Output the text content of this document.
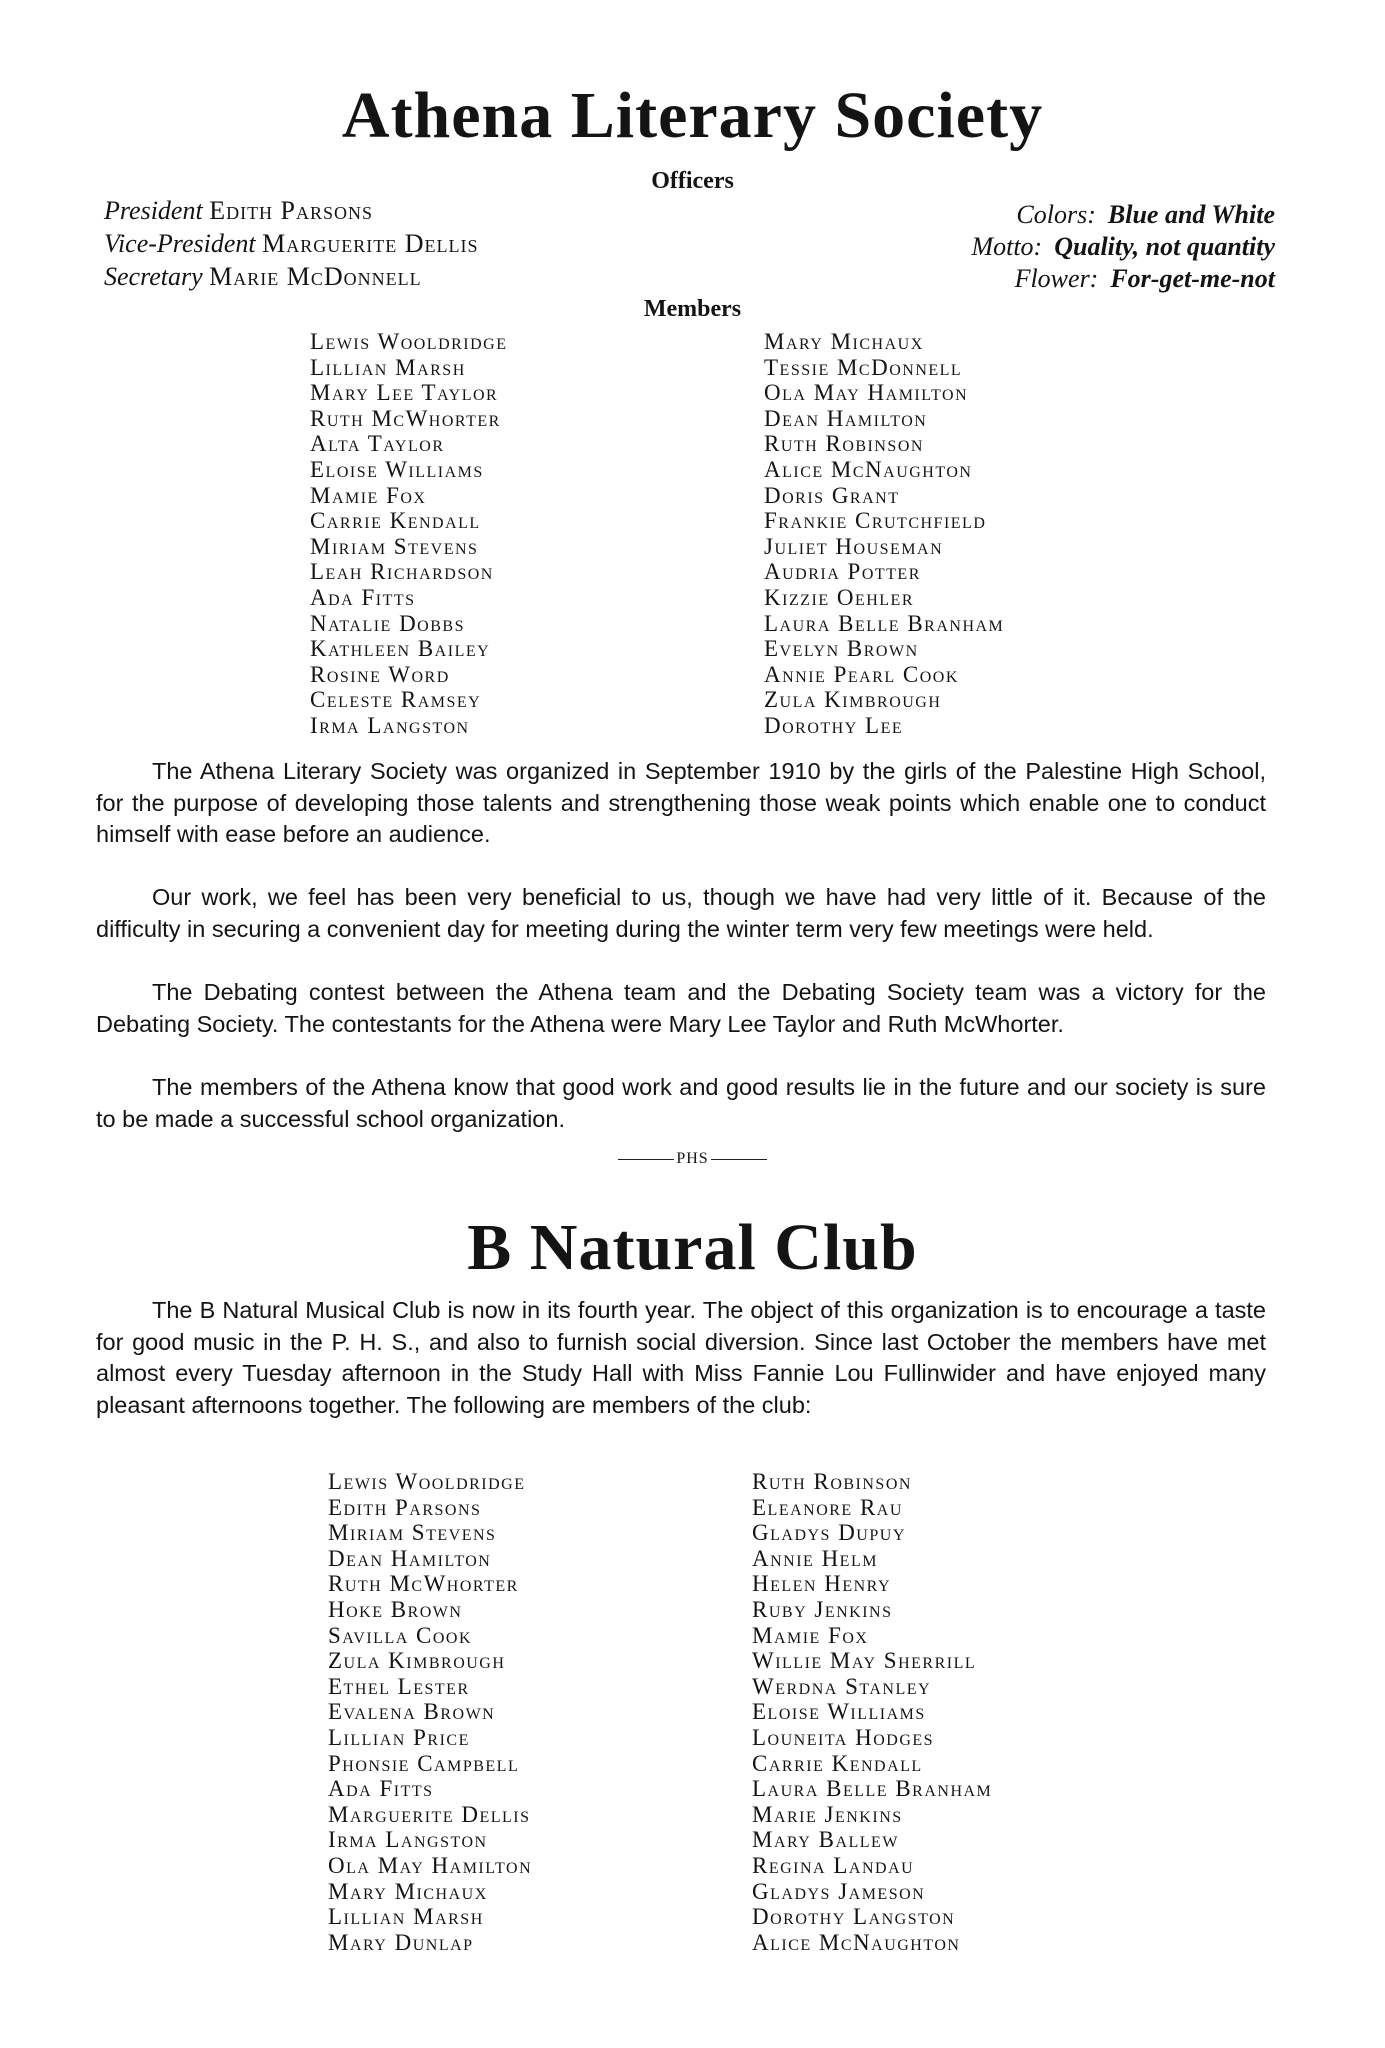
Athena Literary Society
Officers
President Edith Parsons
Vice-President Marguerite Dellis
Secretary Marie McDonnell
Colors: Blue and White
Motto: Quality, not quantity
Flower: For-get-me-not
Members
Lewis Wooldridge
Lillian Marsh
Mary Lee Taylor
Ruth McWhorter
Alta Taylor
Eloise Williams
Mamie Fox
Carrie Kendall
Miriam Stevens
Leah Richardson
Ada Fitts
Natalie Dobbs
Kathleen Bailey
Rosine Word
Celeste Ramsey
Irma Langston
Mary Michaux
Tessie McDonnell
Ola May Hamilton
Dean Hamilton
Ruth Robinson
Alice McNaughton
Doris Grant
Frankie Crutchfield
Juliet Houseman
Audria Potter
Kizzie Oehler
Laura Belle Branham
Evelyn Brown
Annie Pearl Cook
Zula Kimbrough
Dorothy Lee

The Athena Literary Society was organized in September 1910 by the girls of the Palestine High School, for the purpose of developing those talents and strengthening those weak points which enable one to conduct himself with ease before an audience.

Our work, we feel has been very beneficial to us, though we have had very little of it. Because of the difficulty in securing a convenient day for meeting during the winter term very few meetings were held.

The Debating contest between the Athena team and the Debating Society team was a victory for the Debating Society. The contestants for the Athena were Mary Lee Taylor and Ruth McWhorter.

The members of the Athena know that good work and good results lie in the future and our society is sure to be made a successful school organization.

PHS
B Natural Club

The B Natural Musical Club is now in its fourth year. The object of this organization is to encourage a taste for good music in the P. H. S., and also to furnish social diversion. Since last October the members have met almost every Tuesday afternoon in the Study Hall with Miss Fannie Lou Fullinwider and have enjoyed many pleasant afternoons together. The following are members of the club:

Lewis Wooldridge
Edith Parsons
Miriam Stevens
Dean Hamilton
Ruth McWhorter
Hoke Brown
Savilla Cook
Zula Kimbrough
Ethel Lester
Evalena Brown
Lillian Price
Phonsie Campbell
Ada Fitts
Marguerite Dellis
Irma Langston
Ola May Hamilton
Mary Michaux
Lillian Marsh
Mary Dunlap
Ruth Robinson
Eleanore Rau
Gladys Dupuy
Annie Helm
Helen Henry
Ruby Jenkins
Mamie Fox
Willie May Sherrill
Werdna Stanley
Eloise Williams
Louneita Hodges
Carrie Kendall
Laura Belle Branham
Marie Jenkins
Mary Ballew
Regina Landau
Gladys Jameson
Dorothy Langston
Alice McNaughton
